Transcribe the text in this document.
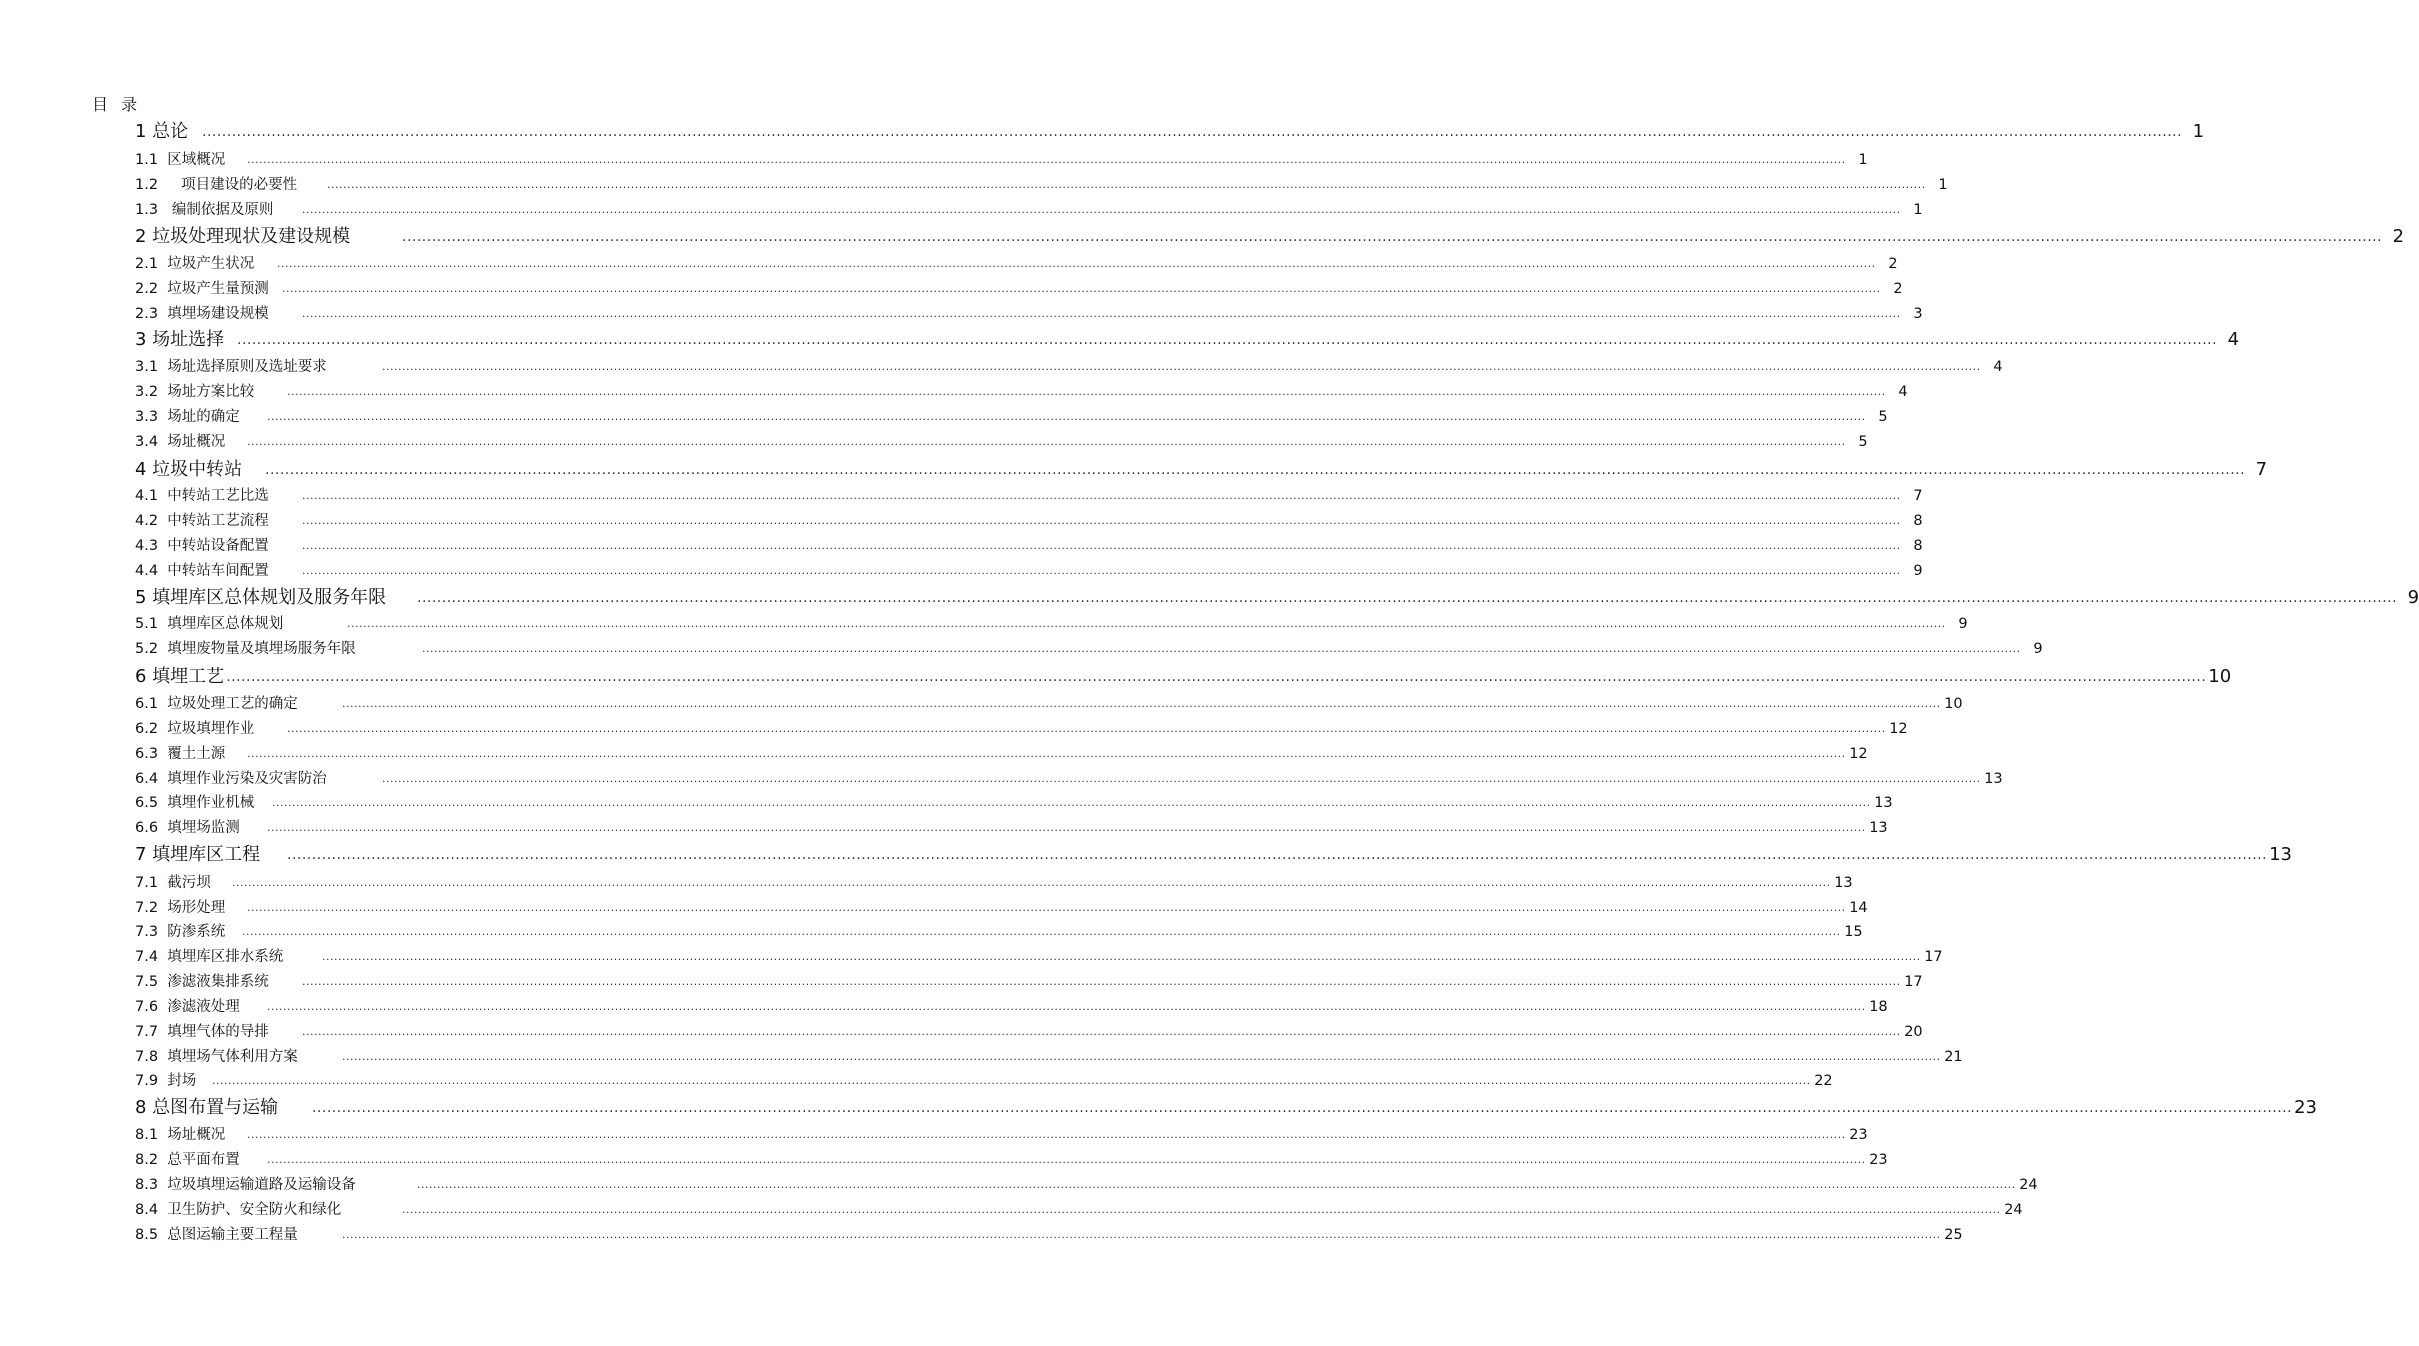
目 录
1 总论 ................................................................................................................................................................................................................................................................................................................................................................................................................ 1
1.1  区域概况	................................................................................................................................................................................................................................................................................................................................................................................................................ 1
1.2     项目建设的必要性	................................................................................................................................................................................................................................................................................................................................................................................................................ 1
1.3   编制依据及原则	................................................................................................................................................................................................................................................................................................................................................................................................................ 1
2 垃圾处理现状及建设规模	................................................................................................................................................................................................................................................................................................................................................................................................................ 2
2.1  垃圾产生状况	................................................................................................................................................................................................................................................................................................................................................................................................................ 2
2.2  垃圾产生量预测	................................................................................................................................................................................................................................................................................................................................................................................................................ 2
2.3  填埋场建设规模	................................................................................................................................................................................................................................................................................................................................................................................................................ 3
3 场址选择 ................................................................................................................................................................................................................................................................................................................................................................................................................ 4
3.1  场址选择原则及选址要求	................................................................................................................................................................................................................................................................................................................................................................................................................ 4
3.2  场址方案比较	................................................................................................................................................................................................................................................................................................................................................................................................................ 4
3.3  场址的确定	................................................................................................................................................................................................................................................................................................................................................................................................................ 5
3.4  场址概况	................................................................................................................................................................................................................................................................................................................................................................................................................ 5
4 垃圾中转站	................................................................................................................................................................................................................................................................................................................................................................................................................ 7
4.1  中转站工艺比选	................................................................................................................................................................................................................................................................................................................................................................................................................ 7
4.2  中转站工艺流程	................................................................................................................................................................................................................................................................................................................................................................................................................ 8
4.3  中转站设备配置	................................................................................................................................................................................................................................................................................................................................................................................................................ 8
4.4  中转站车间配置	................................................................................................................................................................................................................................................................................................................................................................................................................ 9
5 填埋库区总体规划及服务年限	................................................................................................................................................................................................................................................................................................................................................................................................................ 9
5.1  填埋库区总体规划	................................................................................................................................................................................................................................................................................................................................................................................................................ 9
5.2  填埋废物量及填埋场服务年限	................................................................................................................................................................................................................................................................................................................................................................................................................ 9
6 填埋工艺 ................................................................................................................................................................................................................................................................................................................................................................................................................ 10
6.1  垃圾处理工艺的确定	................................................................................................................................................................................................................................................................................................................................................................................................................ 10
6.2  垃圾填埋作业	................................................................................................................................................................................................................................................................................................................................................................................................................ 12
6.3  覆土土源	................................................................................................................................................................................................................................................................................................................................................................................................................ 12
6.4  填埋作业污染及灾害防治	................................................................................................................................................................................................................................................................................................................................................................................................................ 13
6.5  填埋作业机械	................................................................................................................................................................................................................................................................................................................................................................................................................ 13
6.6  填埋场监测	................................................................................................................................................................................................................................................................................................................................................................................................................ 13
7 填埋库区工程	................................................................................................................................................................................................................................................................................................................................................................................................................ 13
7.1  截污坝	................................................................................................................................................................................................................................................................................................................................................................................................................ 13
7.2  场形处理	................................................................................................................................................................................................................................................................................................................................................................................................................ 14
7.3  防渗系统	................................................................................................................................................................................................................................................................................................................................................................................................................ 15
7.4  填埋库区排水系统	................................................................................................................................................................................................................................................................................................................................................................................................................ 17
7.5  渗滤液集排系统	................................................................................................................................................................................................................................................................................................................................................................................................................ 17
7.6  渗滤液处理	................................................................................................................................................................................................................................................................................................................................................................................................................ 18
7.7  填埋气体的导排	................................................................................................................................................................................................................................................................................................................................................................................................................ 20
7.8  填埋场气体利用方案	................................................................................................................................................................................................................................................................................................................................................................................................................ 21
7.9  封场	................................................................................................................................................................................................................................................................................................................................................................................................................ 22
8 总图布置与运输	................................................................................................................................................................................................................................................................................................................................................................................................................ 23
8.1  场址概况	................................................................................................................................................................................................................................................................................................................................................................................................................ 23
8.2  总平面布置	................................................................................................................................................................................................................................................................................................................................................................................................................ 23
8.3  垃圾填埋运输道路及运输设备	................................................................................................................................................................................................................................................................................................................................................................................................................ 24
8.4  卫生防护、安全防火和绿化	................................................................................................................................................................................................................................................................................................................................................................................................................ 24
8.5  总图运输主要工程量	................................................................................................................................................................................................................................................................................................................................................................................................................ 25
